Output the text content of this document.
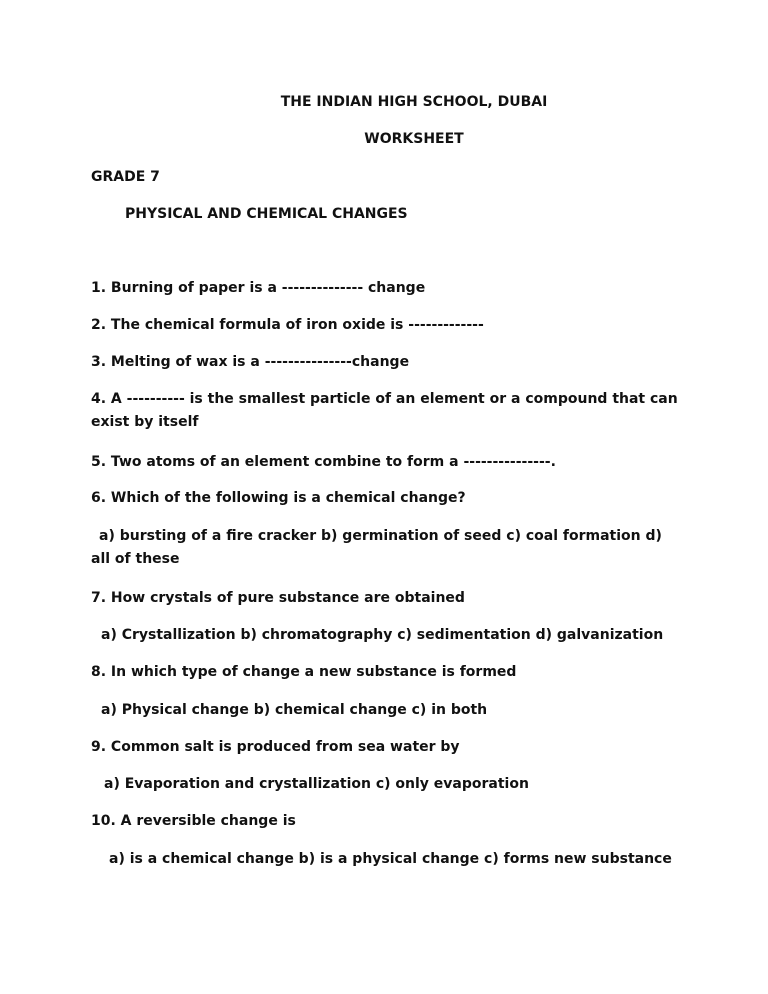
THE INDIAN HIGH SCHOOL, DUBAI
WORKSHEET
GRADE 7
PHYSICAL AND CHEMICAL CHANGES
1. Burning of paper is a -------------- change
2. The chemical formula of iron oxide is -------------
3. Melting of wax is a ---------------change
4. A ---------- is the smallest particle of an element or a compound that can exist by itself
5. Two atoms of an element combine to form a ---------------.
6. Which of the following is a chemical change?
a) bursting of a fire cracker b) germination of seed c) coal formation d) all of these
7. How crystals of pure substance are obtained
a) Crystallization b) chromatography c) sedimentation d) galvanization
8. In which type of change a new substance is formed
a) Physical change b) chemical change c) in both
9. Common salt is produced from sea water by
a) Evaporation and crystallization c) only evaporation
10. A reversible change is
a) is a chemical change b) is a physical change c) forms new substance
